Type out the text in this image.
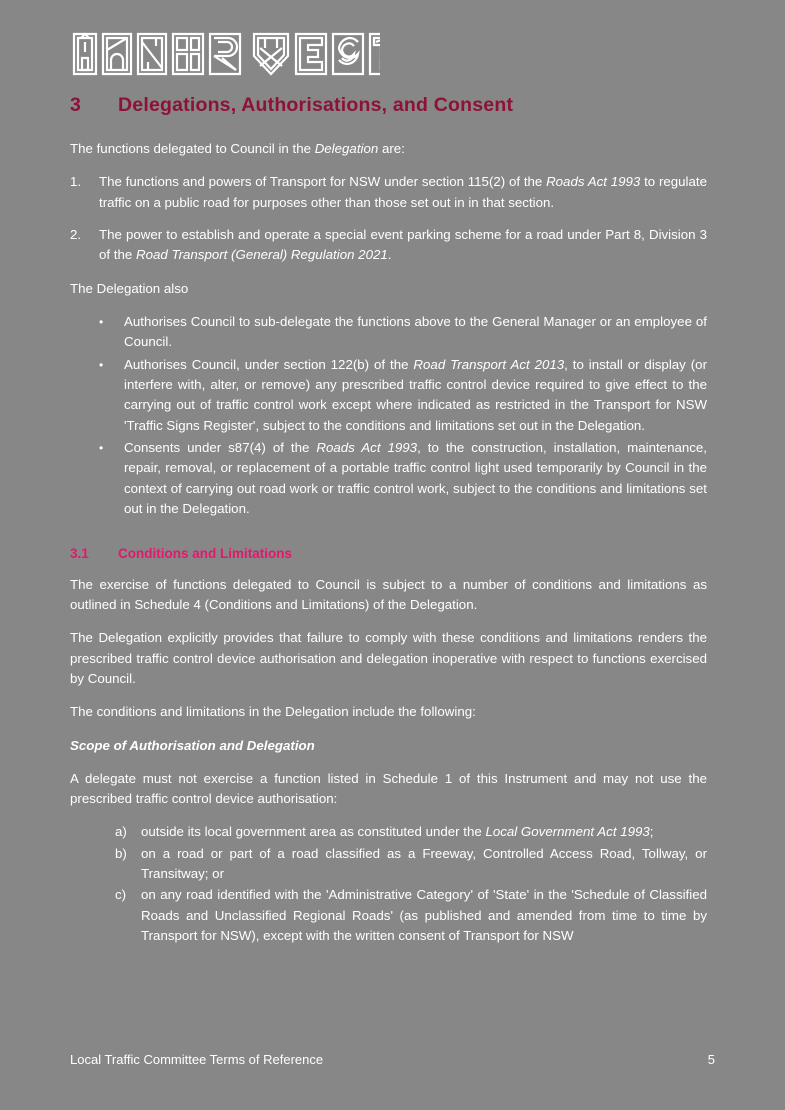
3	Delegations, Authorisations, and Consent

The functions delegated to Council in the Delegation are:

1.	The functions and powers of Transport for NSW under section 115(2) of the Roads Act 1993 to regulate traffic on a public road for purposes other than those set out in in that section.
2.	The power to establish and operate a special event parking scheme for a road under Part 8, Division 3 of the Road Transport (General) Regulation 2021.

The Delegation also

•	Authorises Council to sub-delegate the functions above to the General Manager or an employee of Council.
•	Authorises Council, under section 122(b) of the Road Transport Act 2013, to install or display (or interfere with, alter, or remove) any prescribed traffic control device required to give effect to the carrying out of traffic control work except where indicated as restricted in the Transport for NSW 'Traffic Signs Register', subject to the conditions and limitations set out in the Delegation.
•	Consents under s87(4) of the Roads Act 1993, to the construction, installation, maintenance, repair, removal, or replacement of a portable traffic control light used temporarily by Council in the context of carrying out road work or traffic control work, subject to the conditions and limitations set out in the Delegation.
3.1	Conditions and Limitations

The exercise of functions delegated to Council is subject to a number of conditions and limitations as outlined in Schedule 4 (Conditions and Limitations) of the Delegation.

The Delegation explicitly provides that failure to comply with these conditions and limitations renders the prescribed traffic control device authorisation and delegation inoperative with respect to functions exercised by Council.

The conditions and limitations in the Delegation include the following:

Scope of Authorisation and Delegation

A delegate must not exercise a function listed in Schedule 1 of this Instrument and may not use the prescribed traffic control device authorisation:

a)	outside its local government area as constituted under the Local Government Act 1993;
b)	on a road or part of a road classified as a Freeway, Controlled Access Road, Tollway, or Transitway; or
c)	on any road identified with the 'Administrative Category' of 'State' in the 'Schedule of Classified Roads and Unclassified Regional Roads' (as published and amended from time to time by Transport for NSW), except with the written consent of Transport for NSW
Local Traffic Committee Terms of Reference	5
